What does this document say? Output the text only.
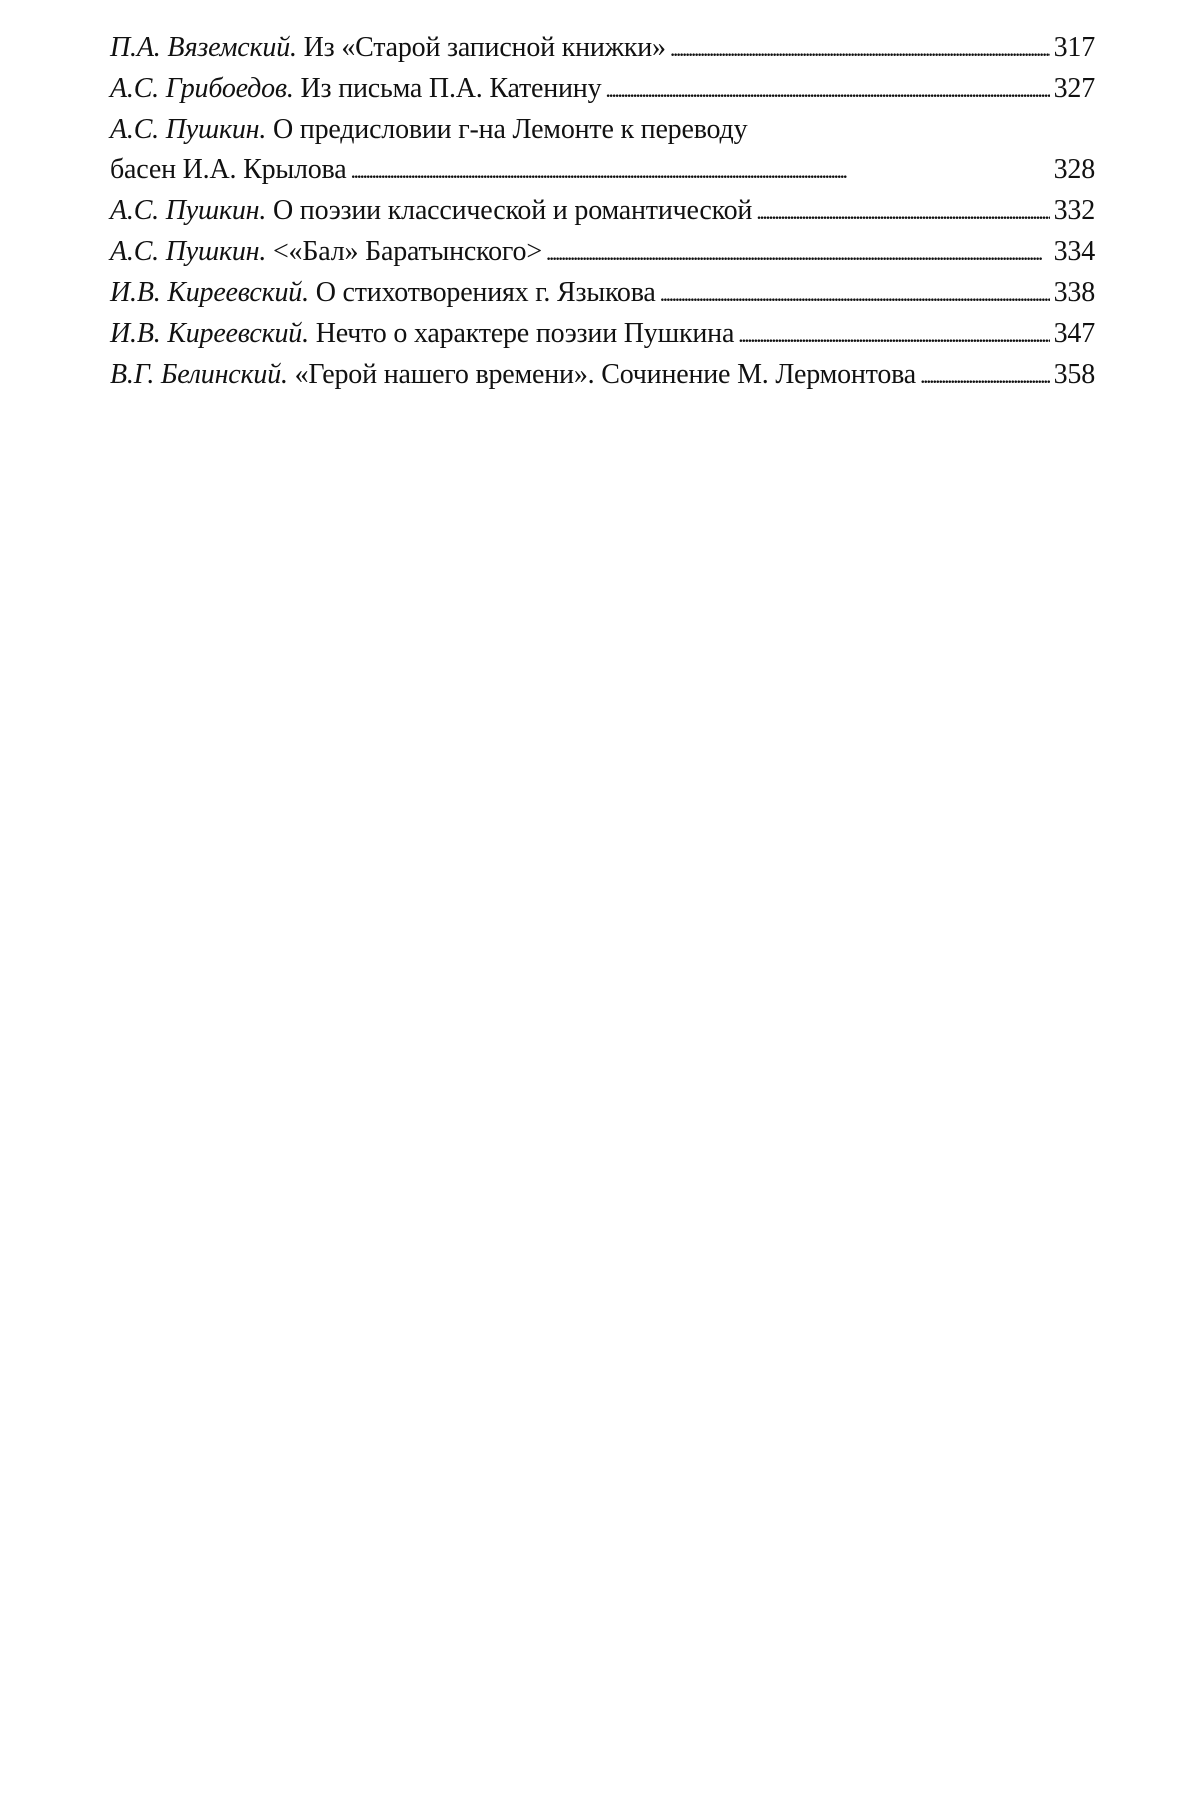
П.А. Вяземский. Из «Старой записной книжки» . . .	317
А.С. Грибоедов. Из письма П.А. Катенину . . .	327
А.С. Пушкин. О предисловии г-на Лемонте к переводу
басен И.А. Крылова . . .	328
А.С. Пушкин. О поэзии классической и романтической . . .	332
А.С. Пушкин. <«Бал» Баратынского> . . .	334
И.В. Киреевский. О стихотворениях г. Языкова . . .	338
И.В. Киреевский. Нечто о характере поэзии Пушкина . . .	347
В.Г. Белинский. «Герой нашего времени». Сочинение М. Лермонтова . . .	358
